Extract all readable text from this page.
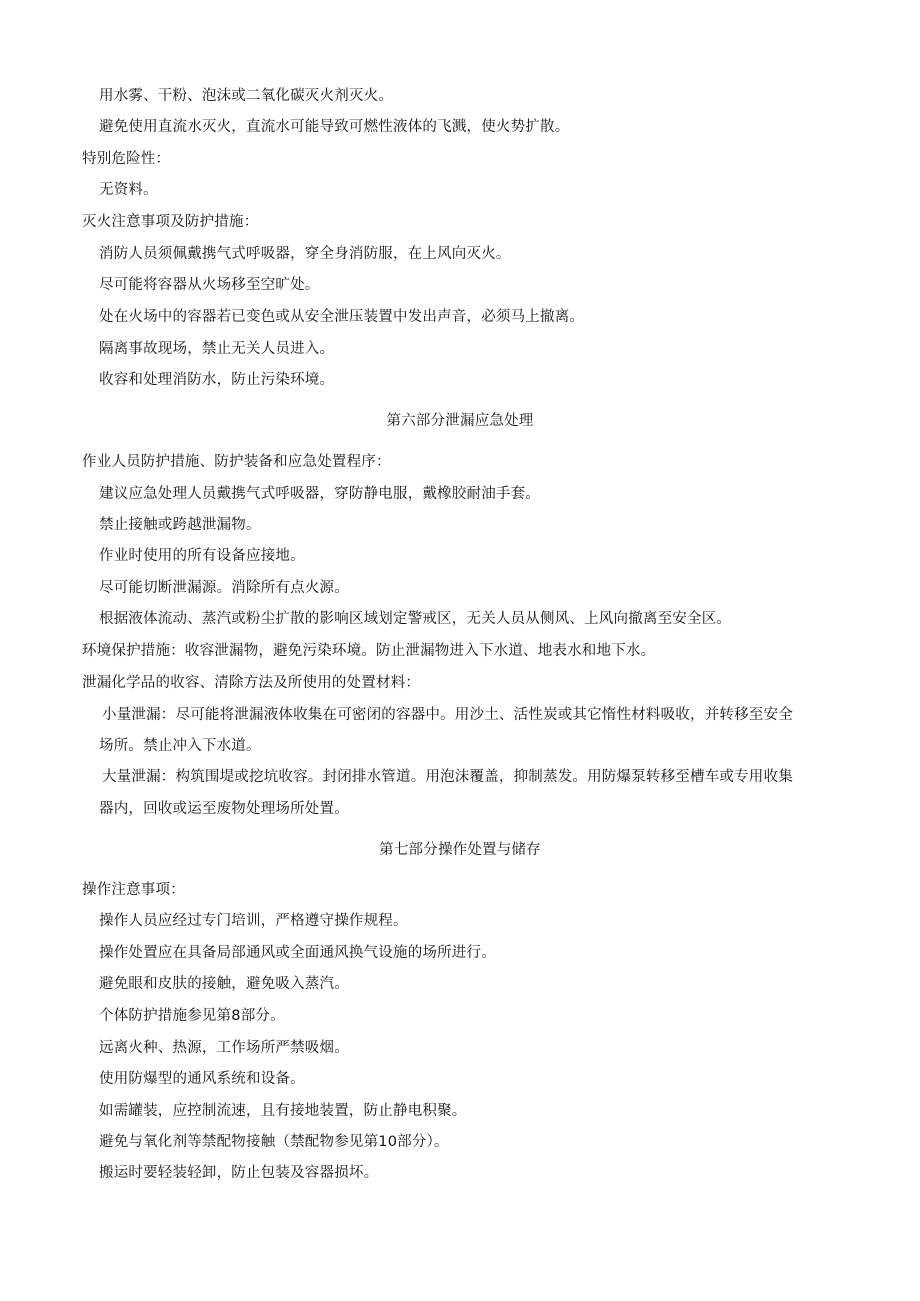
用水雾、干粉、泡沫或二氧化碳灭火剂灭火。
避免使用直流水灭火，直流水可能导致可燃性液体的飞溅，使火势扩散。
特别危险性：
无资料。
灭火注意事项及防护措施：
消防人员须佩戴携气式呼吸器，穿全身消防服，在上风向灭火。
尽可能将容器从火场移至空旷处。
处在火场中的容器若已变色或从安全泄压装置中发出声音，必须马上撤离。
隔离事故现场，禁止无关人员进入。
收容和处理消防水，防止污染环境。
第六部分泄漏应急处理
作业人员防护措施、防护装备和应急处置程序：
建议应急处理人员戴携气式呼吸器，穿防静电服，戴橡胶耐油手套。
禁止接触或跨越泄漏物。
作业时使用的所有设备应接地。
尽可能切断泄漏源。消除所有点火源。
根据液体流动、蒸汽或粉尘扩散的影响区域划定警戒区，无关人员从侧风、上风向撤离至安全区。
环境保护措施：收容泄漏物，避免污染环境。防止泄漏物进入下水道、地表水和地下水。
泄漏化学品的收容、清除方法及所使用的处置材料：
小量泄漏：尽可能将泄漏液体收集在可密闭的容器中。用沙土、活性炭或其它惰性材料吸收，并转移至安全
场所。禁止冲入下水道。
大量泄漏：构筑围堤或挖坑收容。封闭排水管道。用泡沫覆盖，抑制蒸发。用防爆泵转移至槽车或专用收集
器内，回收或运至废物处理场所处置。
第七部分操作处置与储存
操作注意事项：
操作人员应经过专门培训，严格遵守操作规程。
操作处置应在具备局部通风或全面通风换气设施的场所进行。
避免眼和皮肤的接触，避免吸入蒸汽。
个体防护措施参见第8部分。
远离火种、热源，工作场所严禁吸烟。
使用防爆型的通风系统和设备。
如需罐装，应控制流速，且有接地装置，防止静电积聚。
避免与氧化剂等禁配物接触（禁配物参见第10部分）。
搬运时要轻装轻卸，防止包装及容器损坏。
